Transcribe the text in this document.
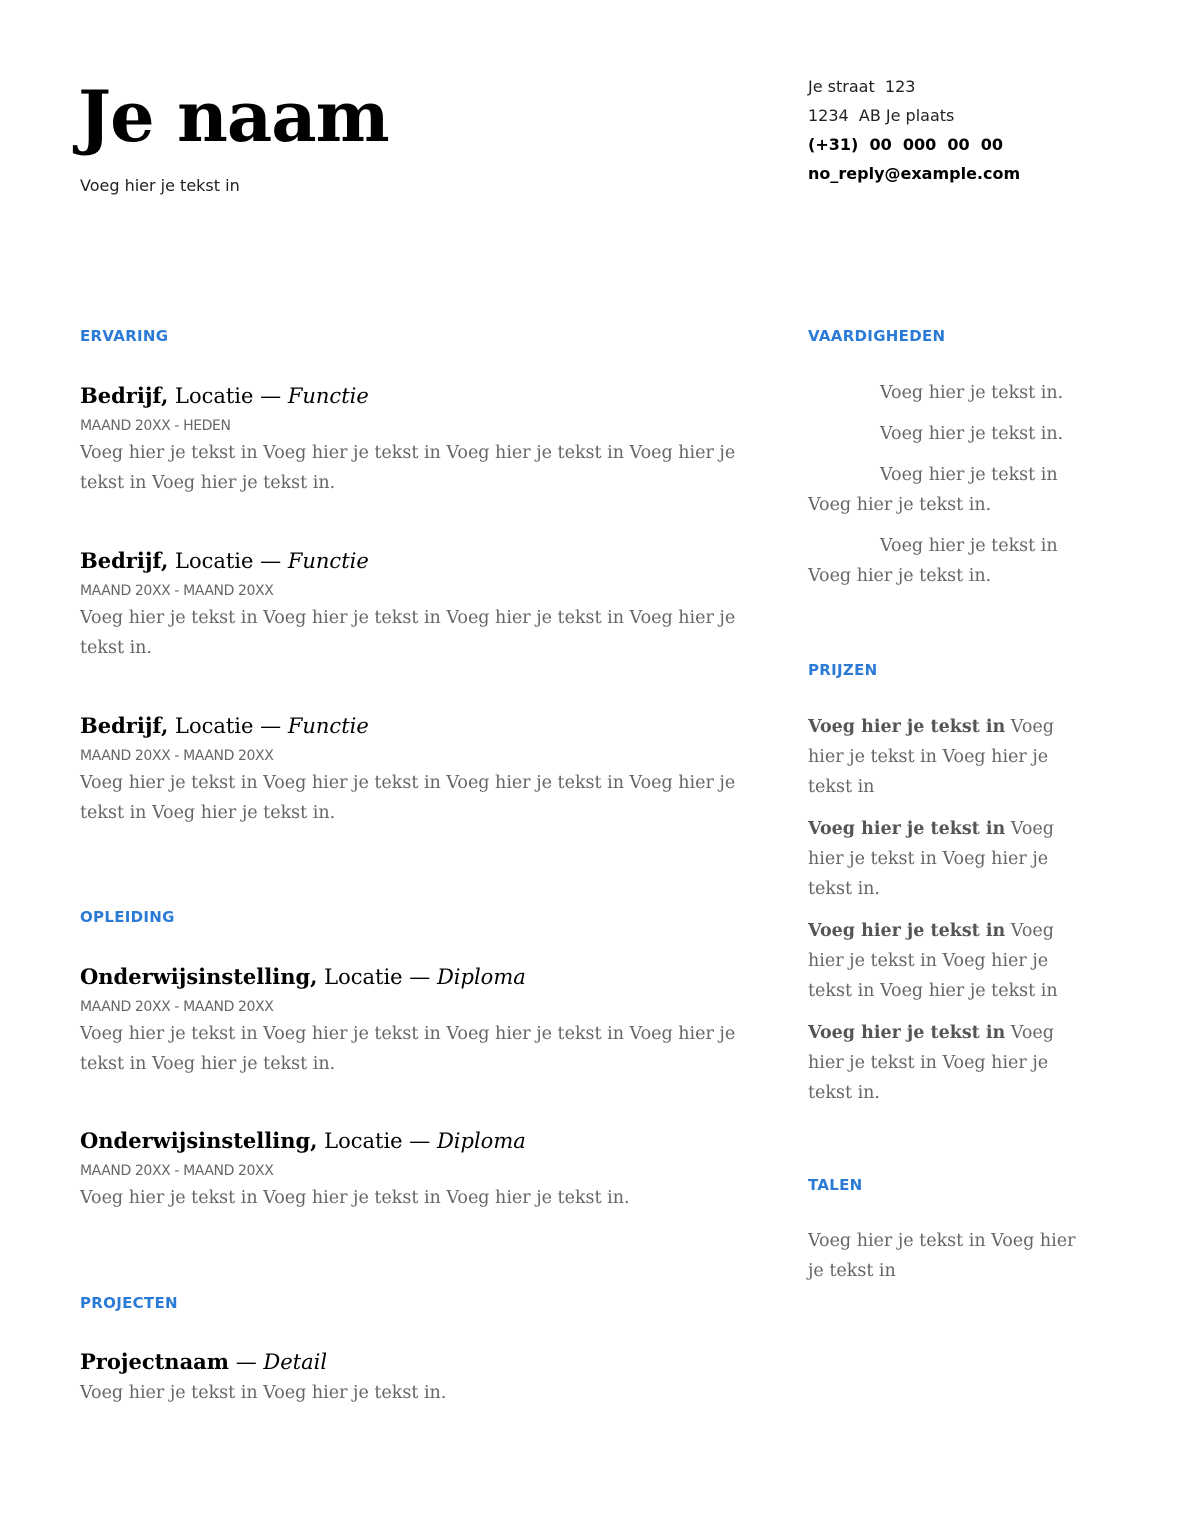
Je naam
Voeg hier je tekst in
Je straat  123
1234  AB Je plaats
(+31)  00  000  00  00
no_reply@example.com
ERVARING
Bedrijf, Locatie — Functie
MAAND 20XX - HEDEN
Voeg hier je tekst in Voeg hier je tekst in Voeg hier je tekst in Voeg hier je tekst in Voeg hier je tekst in.
Bedrijf, Locatie — Functie
MAAND 20XX - MAAND 20XX
Voeg hier je tekst in Voeg hier je tekst in Voeg hier je tekst in Voeg hier je tekst in.
Bedrijf, Locatie — Functie
MAAND 20XX - MAAND 20XX
Voeg hier je tekst in Voeg hier je tekst in Voeg hier je tekst in Voeg hier je tekst in Voeg hier je tekst in.
OPLEIDING
Onderwijsinstelling, Locatie — Diploma
MAAND 20XX - MAAND 20XX
Voeg hier je tekst in Voeg hier je tekst in Voeg hier je tekst in Voeg hier je tekst in Voeg hier je tekst in.
Onderwijsinstelling, Locatie — Diploma
MAAND 20XX - MAAND 20XX
Voeg hier je tekst in Voeg hier je tekst in Voeg hier je tekst in.
PROJECTEN
Projectnaam — Detail
Voeg hier je tekst in Voeg hier je tekst in.
VAARDIGHEDEN

Voeg hier je tekst in.

Voeg hier je tekst in.

Voeg hier je tekst in Voeg hier je tekst in.

Voeg hier je tekst in Voeg hier je tekst in.

PRIJZEN

Voeg hier je tekst in Voeg hier je tekst in Voeg hier je tekst in

Voeg hier je tekst in Voeg hier je tekst in Voeg hier je tekst in.

Voeg hier je tekst in Voeg hier je tekst in Voeg hier je tekst in Voeg hier je tekst in

Voeg hier je tekst in Voeg hier je tekst in Voeg hier je tekst in.

TALEN

Voeg hier je tekst in Voeg hier je tekst in
